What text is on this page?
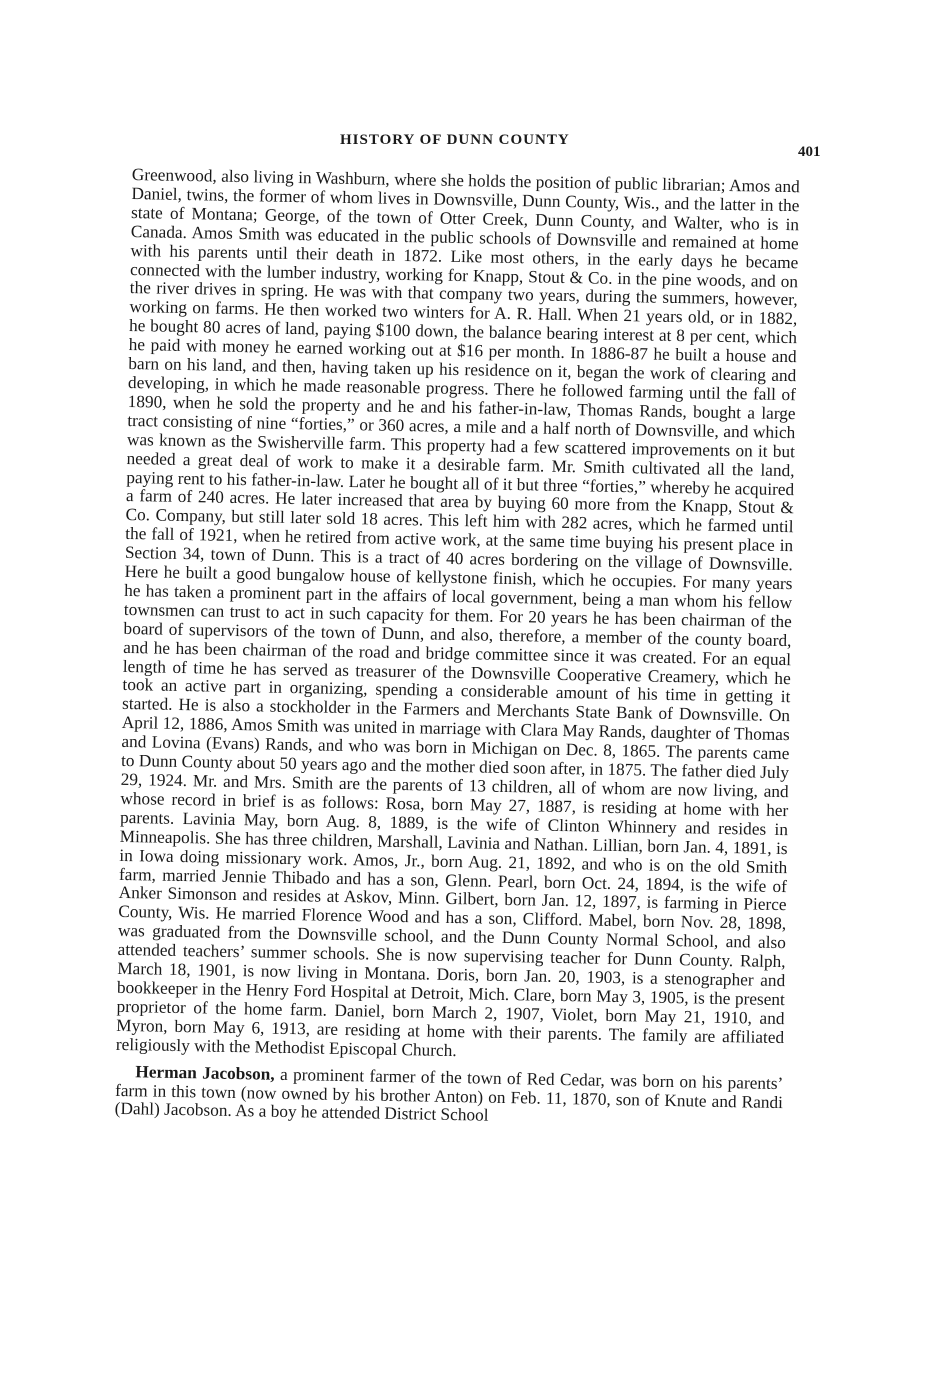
HISTORY OF DUNN COUNTY
401

Greenwood, also living in Washburn, where she holds the position of public librarian; Amos and Daniel, twins, the former of whom lives in Downsville, Dunn County, Wis., and the latter in the state of Montana; George, of the town of Otter Creek, Dunn County, and Walter, who is in Canada. Amos Smith was educated in the public schools of Downsville and remained at home with his parents until their death in 1872. Like most others, in the early days he became connected with the lumber industry, working for Knapp, Stout & Co. in the pine woods, and on the river drives in spring. He was with that company two years, during the summers, however, working on farms. He then worked two winters for A. R. Hall. When 21 years old, or in 1882, he bought 80 acres of land, paying $100 down, the balance bearing interest at 8 per cent, which he paid with money he earned working out at $16 per month. In 1886-87 he built a house and barn on his land, and then, having taken up his residence on it, began the work of clearing and developing, in which he made reasonable progress. There he followed farming until the fall of 1890, when he sold the property and he and his father-in-law, Thomas Rands, bought a large tract consisting of nine “forties,” or 360 acres, a mile and a half north of Downsville, and which was known as the Swisherville farm. This property had a few scattered improvements on it but needed a great deal of work to make it a desirable farm. Mr. Smith cultivated all the land, paying rent to his father-in-law. Later he bought all of it but three “forties,” whereby he acquired a farm of 240 acres. He later increased that area by buying 60 more from the Knapp, Stout & Co. Company, but still later sold 18 acres. This left him with 282 acres, which he farmed until the fall of 1921, when he retired from active work, at the same time buying his present place in Section 34, town of Dunn. This is a tract of 40 acres bordering on the village of Downsville. Here he built a good bungalow house of kellystone finish, which he occupies. For many years he has taken a prominent part in the affairs of local government, being a man whom his fellow townsmen can trust to act in such capacity for them. For 20 years he has been chairman of the board of supervisors of the town of Dunn, and also, therefore, a member of the county board, and he has been chairman of the road and bridge committee since it was created. For an equal length of time he has served as treasurer of the Downsville Cooperative Creamery, which he took an active part in organizing, spending a considerable amount of his time in getting it started. He is also a stockholder in the Farmers and Merchants State Bank of Downsville. On April 12, 1886, Amos Smith was united in marriage with Clara May Rands, daughter of Thomas and Lovina (Evans) Rands, and who was born in Michigan on Dec. 8, 1865. The parents came to Dunn County about 50 years ago and the mother died soon after, in 1875. The father died July 29, 1924. Mr. and Mrs. Smith are the parents of 13 children, all of whom are now living, and whose record in brief is as follows: Rosa, born May 27, 1887, is residing at home with her parents. Lavinia May, born Aug. 8, 1889, is the wife of Clinton Whinnery and resides in Minneapolis. She has three children, Marshall, Lavinia and Nathan. Lillian, born Jan. 4, 1891, is in Iowa doing missionary work. Amos, Jr., born Aug. 21, 1892, and who is on the old Smith farm, married Jennie Thibado and has a son, Glenn. Pearl, born Oct. 24, 1894, is the wife of Anker Simonson and resides at Askov, Minn. Gilbert, born Jan. 12, 1897, is farming in Pierce County, Wis. He married Florence Wood and has a son, Clifford. Mabel, born Nov. 28, 1898, was graduated from the Downsville school, and the Dunn County Normal School, and also attended teachers’ summer schools. She is now supervising teacher for Dunn County. Ralph, March 18, 1901, is now living in Montana. Doris, born Jan. 20, 1903, is a stenographer and bookkeeper in the Henry Ford Hospital at Detroit, Mich. Clare, born May 3, 1905, is the present proprietor of the home farm. Daniel, born March 2, 1907, Violet, born May 21, 1910, and Myron, born May 6, 1913, are residing at home with their parents. The family are affiliated religiously with the Methodist Episcopal Church.

Herman Jacobson, a prominent farmer of the town of Red Cedar, was born on his parents’ farm in this town (now owned by his brother Anton) on Feb. 11, 1870, son of Knute and Randi (Dahl) Jacobson. As a boy he attended District School
